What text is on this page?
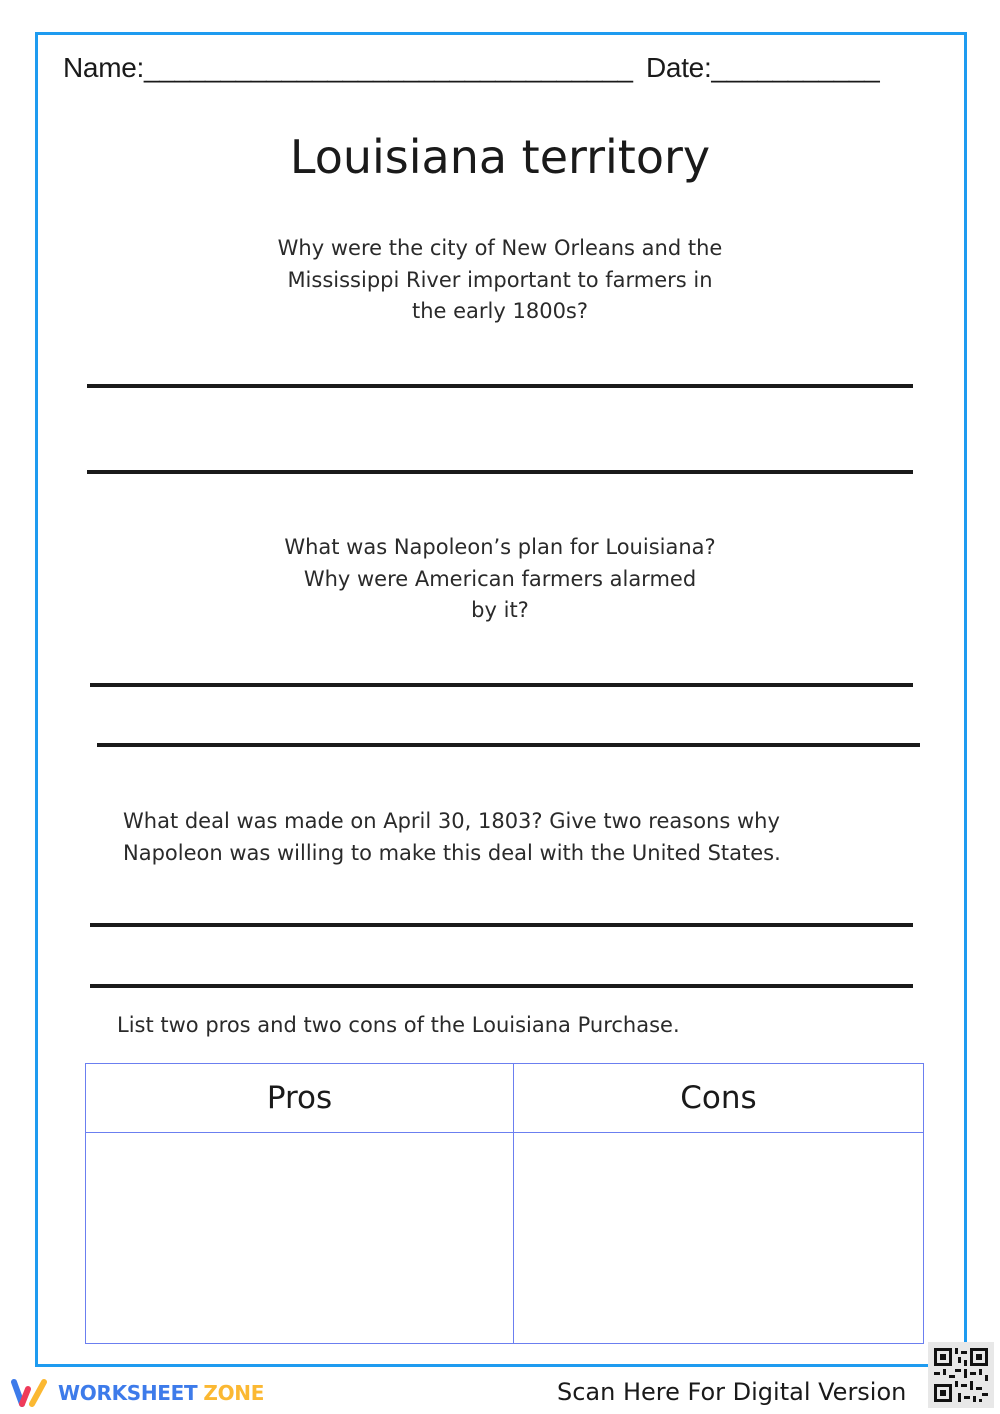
Name:________________________________ Date:___________
Louisiana territory
Why were the city of New Orleans and the
Mississippi River important to farmers in
the early 1800s?
What was Napoleon’s plan for Louisiana?
Why were American farmers alarmed
by it?
What deal was made on April 30, 1803? Give two reasons why
Napoleon was willing to make this deal with the United States.
List two pros and two cons of the Louisiana Purchase.
Pros	Cons

WORKSHEET ZONE	Scan Here For Digital Version
